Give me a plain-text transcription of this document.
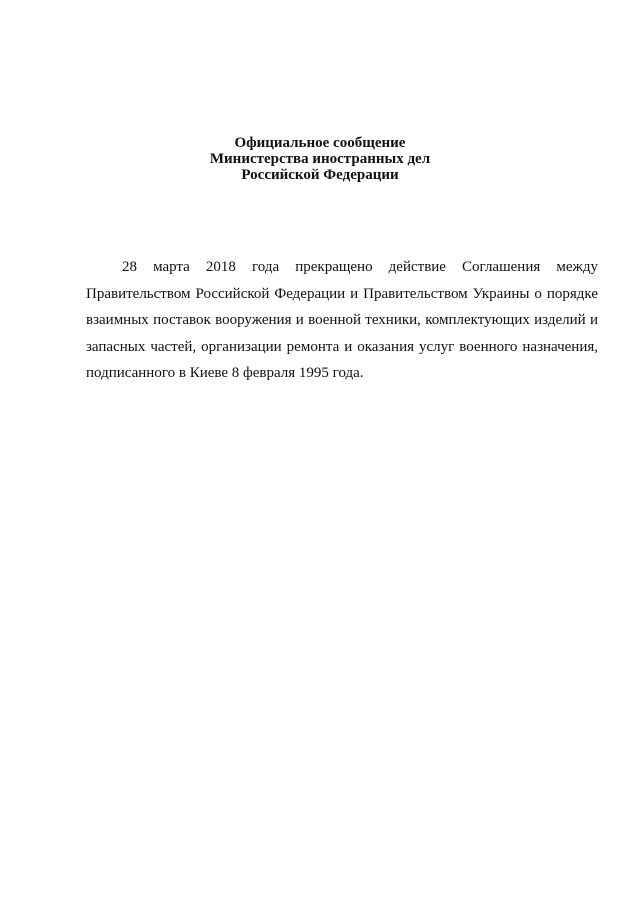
Официальное сообщение
Министерства иностранных дел
Российской Федерации

28 марта 2018 года прекращено действие Соглашения между Правительством Российской Федерации и Правительством Украины о порядке взаимных поставок вооружения и военной техники, комплектующих изделий и запасных частей, организации ремонта и оказания услуг военного назначения, подписанного в Киеве 8 февраля 1995 года.
